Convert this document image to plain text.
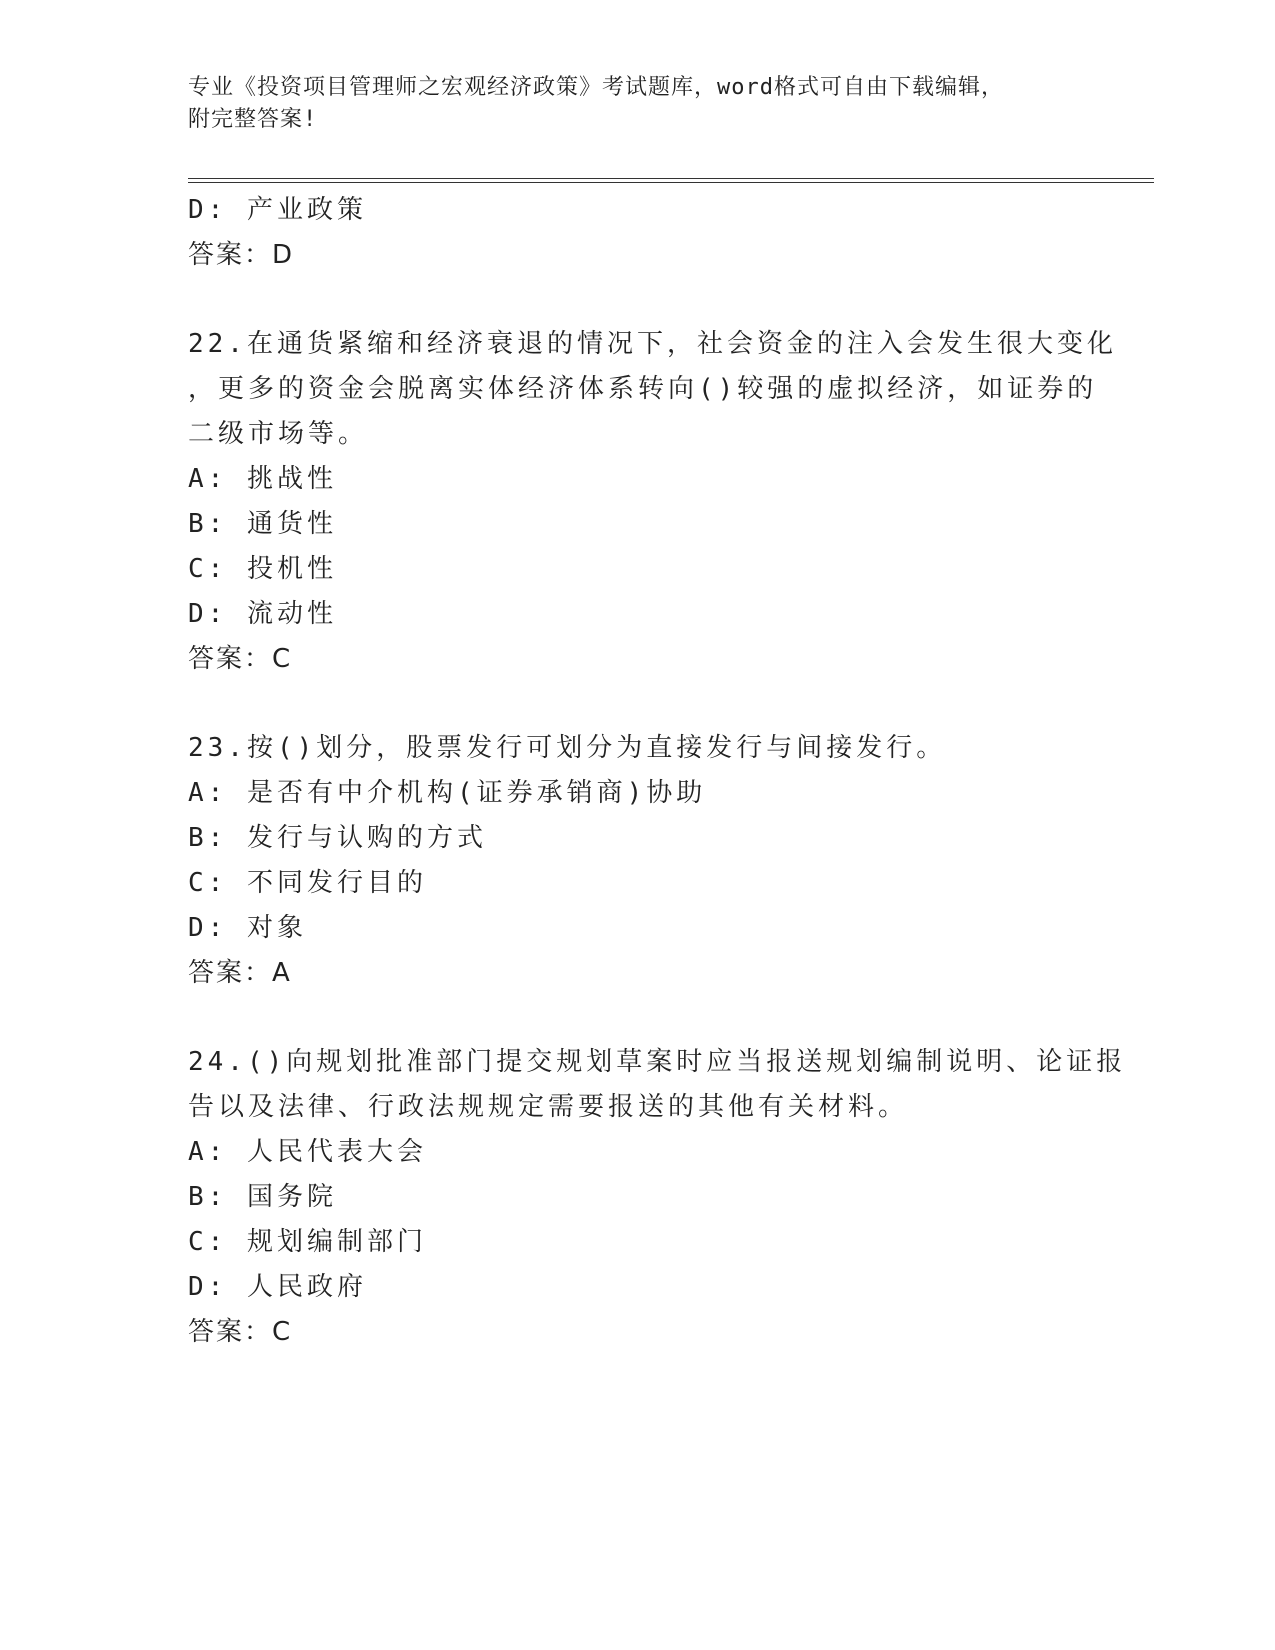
专业《投资项目管理师之宏观经济政策》考试题库，word格式可自由下载编辑，
附完整答案!
D: 产业政策
答案：D
22.在通货紧缩和经济衰退的情况下，社会资金的注入会发生很大变化
，更多的资金会脱离实体经济体系转向()较强的虚拟经济，如证券的
二级市场等。
A: 挑战性
B: 通货性
C: 投机性
D: 流动性
答案：C
23.按()划分，股票发行可划分为直接发行与间接发行。
A: 是否有中介机构(证券承销商)协助
B: 发行与认购的方式
C: 不同发行目的
D: 对象
答案：A
24.()向规划批准部门提交规划草案时应当报送规划编制说明、论证报
告以及法律、行政法规规定需要报送的其他有关材料。
A: 人民代表大会
B: 国务院
C: 规划编制部门
D: 人民政府
答案：C
